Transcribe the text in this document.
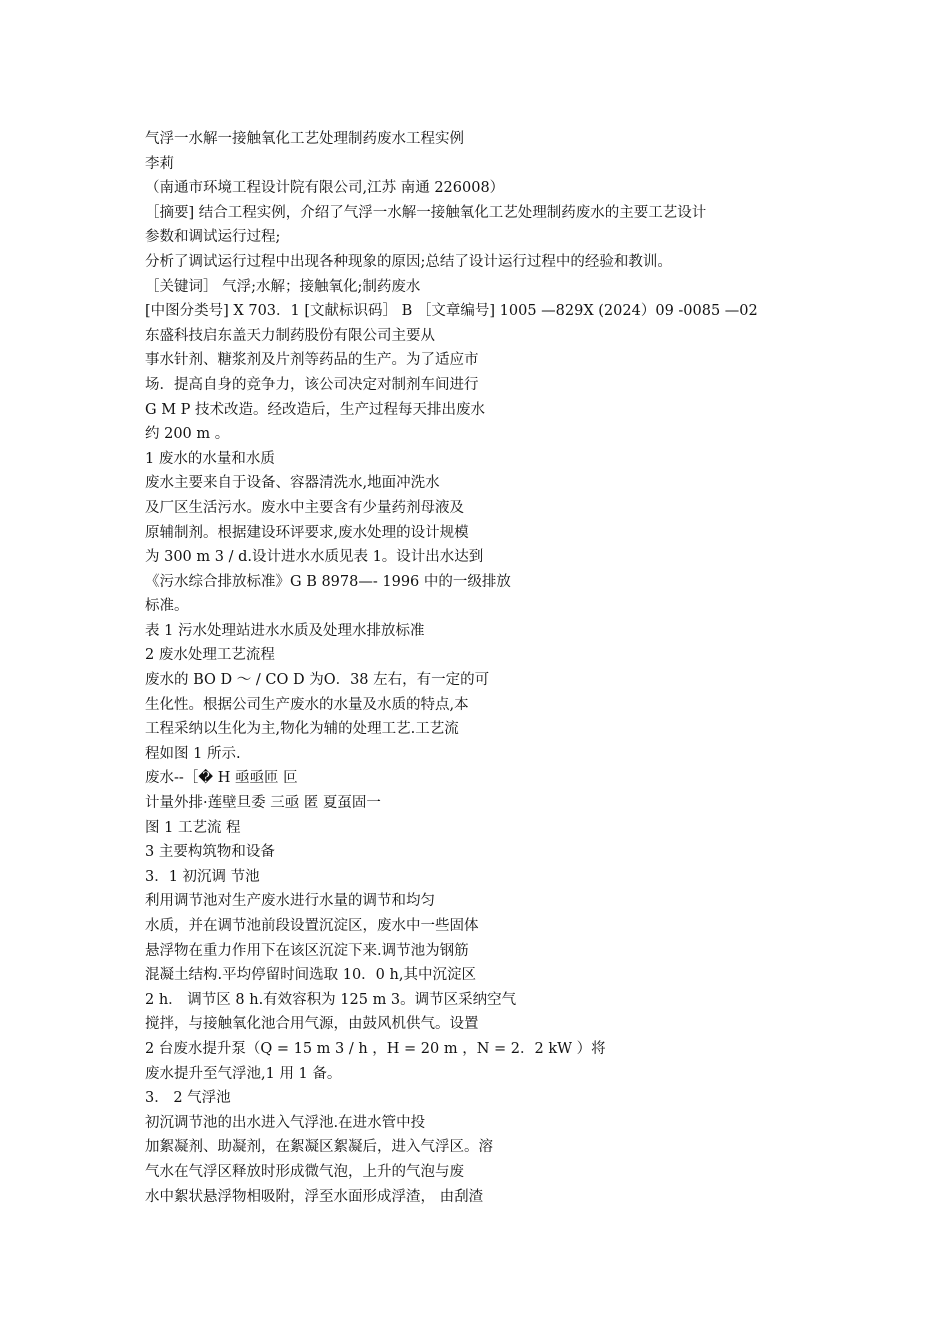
气浮一水解一接触氧化工艺处理制药废水工程实例
李莉
（南通市环境工程设计院有限公司,江苏 南通 226008）
［摘要] 结合工程实例，介绍了气浮一水解一接触氧化工艺处理制药废水的主要工艺设计
参数和调试运行过程;
分析了调试运行过程中出现各种现象的原因;总结了设计运行过程中的经验和教训。
［关键词］ 气浮;水解；接触氧化;制药废水
[中图分类号] X 703．1 [文献标识码］ B ［文章编号] 1005 —829X (2024）09 -0085 —02
东盛科技启东盖天力制药股份有限公司主要从
事水针剂、糖浆剂及片剂等药品的生产。为了适应市
场．提高自身的竞争力，该公司决定对制剂车间进行
G M P 技术改造。经改造后，生产过程每天排出废水
约 200 m 。
1 废水的水量和水质
废水主要来自于设备、容器清洗水,地面冲洗水
及厂区生活污水。废水中主要含有少量药剂母液及
原辅制剂。根据建设环评要求,废水处理的设计规模
为 300 m 3 / d.设计进水水质见表 1。设计出水达到
《污水综合排放标准》G B 8978—- 1996 中的一级排放
标准。
表 1 污水处理站进水水质及处理水排放标准
2 废水处理工艺流程
废水的 BO D ～ / CO D 为O．38 左右，有一定的可
生化性。根据公司生产废水的水量及水质的特点,本
工程采纳以生化为主,物化为辅的处理工艺.工艺流
程如图 1 所示.
废水--［� H 亟亟匝 叵
计量外排·莲壁旦委 三亟 匿 夏虿固一
图 1 工艺流 程
3 主要构筑物和设备
3．1 初沉调 节池
利用调节池对生产废水进行水量的调节和均匀
水质，并在调节池前段设置沉淀区，废水中一些固体
悬浮物在重力作用下在该区沉淀下来.调节池为钢筋
混凝土结构.平均停留时间选取 10．0 h,其中沉淀区
2 h． 调节区 8 h.有效容积为 125 m 3。调节区采纳空气
搅拌，与接触氧化池合用气源，由鼓风机供气。设置
2 台废水提升泵（Q = 15 m 3 / h ，H = 20 m ，N = 2．2 kW ）将
废水提升至气浮池,1 用 1 备。
3． 2 气浮池
初沉调节池的出水进入气浮池.在进水管中投
加絮凝剂、助凝剂，在絮凝区絮凝后，进入气浮区。溶
气水在气浮区释放时形成微气泡，上升的气泡与废
水中絮状悬浮物相吸附，浮至水面形成浮渣， 由刮渣
